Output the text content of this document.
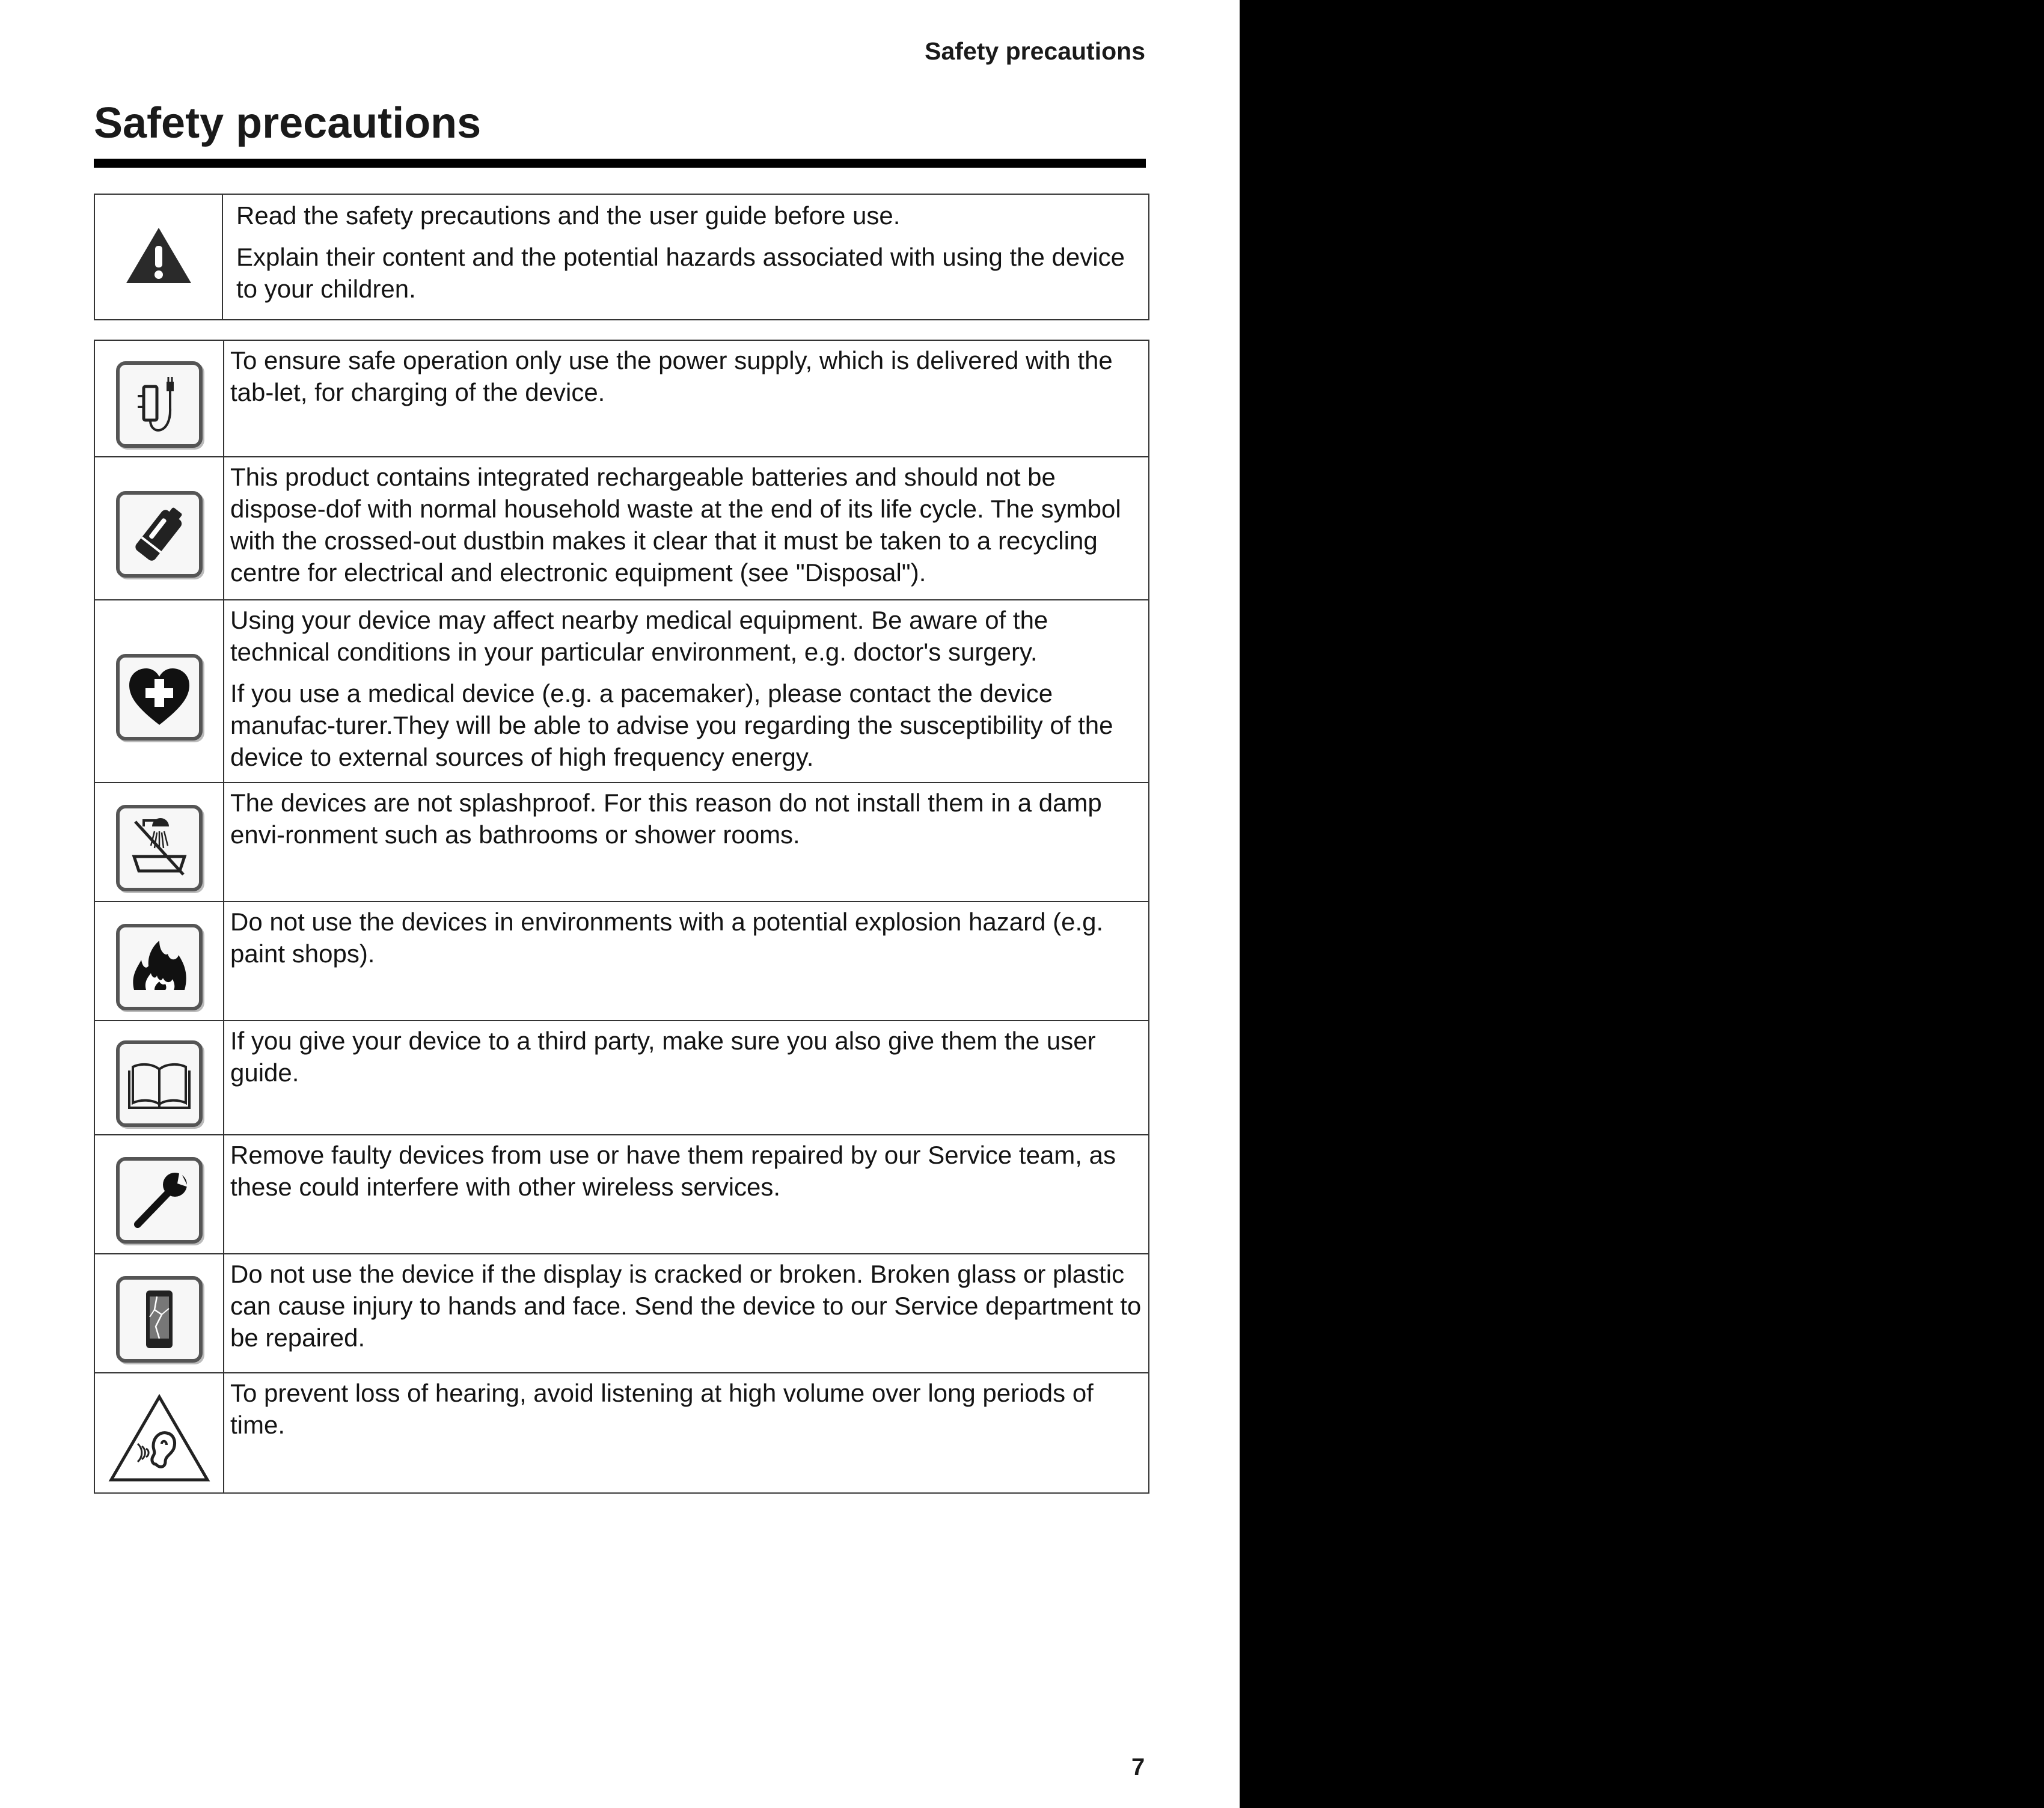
Safety precautions
Safety precautions

Read the safety precautions and the user guide before use.

Explain their content and the potential hazards associated with using the device to your children.

To ensure safe operation only use the power supply, which is delivered with the tab-let, for charging of the device.

This product contains integrated rechargeable batteries and should not be dispose-dof with normal household waste at the end of its life cycle. The symbol with the crossed-out dustbin makes it clear that it must be taken to a recycling centre for electrical and electronic equipment (see "Disposal").

Using your device may affect nearby medical equipment. Be aware of the technical conditions in your particular environment, e.g. doctor's surgery.

If you use a medical device (e.g. a pacemaker), please contact the device manufac-turer.They will be able to advise you regarding the susceptibility of the device to external sources of high frequency energy.

The devices are not splashproof. For this reason do not install them in a damp envi-ronment such as bathrooms or shower rooms.

Do not use the devices in environments with a potential explosion hazard (e.g. paint shops).

If you give your device to a third party, make sure you also give them the user guide.

Remove faulty devices from use or have them repaired by our Service team, as these could interfere with other wireless services.

Do not use the device if the display is cracked or broken. Broken glass or plastic can cause injury to hands and face. Send the device to our Service department to be repaired.

To prevent loss of hearing, avoid listening at high volume over long periods of time.

7
